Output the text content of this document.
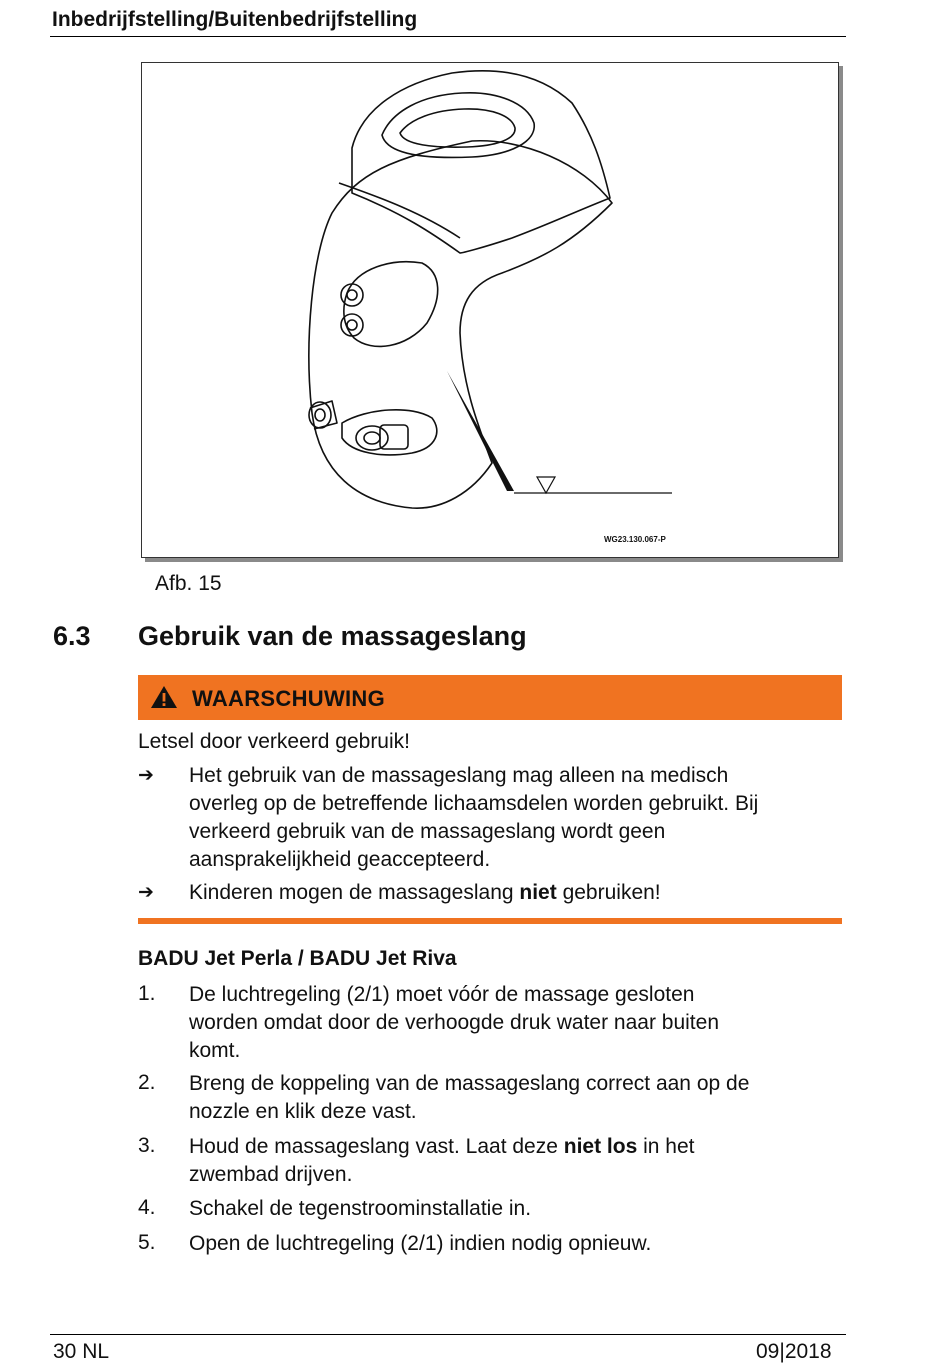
Inbedrijfstelling/Buitenbedrijfstelling
WG23.130.067-P
Afb. 15
6.3 Gebruik van de massageslang
WAARSCHUWING
Letsel door verkeerd gebruik!
➔ Het gebruik van de massageslang mag alleen na medisch
overleg op de betreffende lichaamsdelen worden gebruikt. Bij
verkeerd gebruik van de massageslang wordt geen
aansprakelijkheid geaccepteerd.
➔ Kinderen mogen de massageslang niet gebruiken!
BADU Jet Perla / BADU Jet Riva
1. De luchtregeling (2/1) moet vóór de massage gesloten
worden omdat door de verhoogde druk water naar buiten
komt.
2. Breng de koppeling van de massageslang correct aan op de
nozzle en klik deze vast.
3. Houd de massageslang vast. Laat deze niet los in het
zwembad drijven.
4. Schakel de tegenstroominstallatie in.
5. Open de luchtregeling (2/1) indien nodig opnieuw.
30 NL	09|2018
